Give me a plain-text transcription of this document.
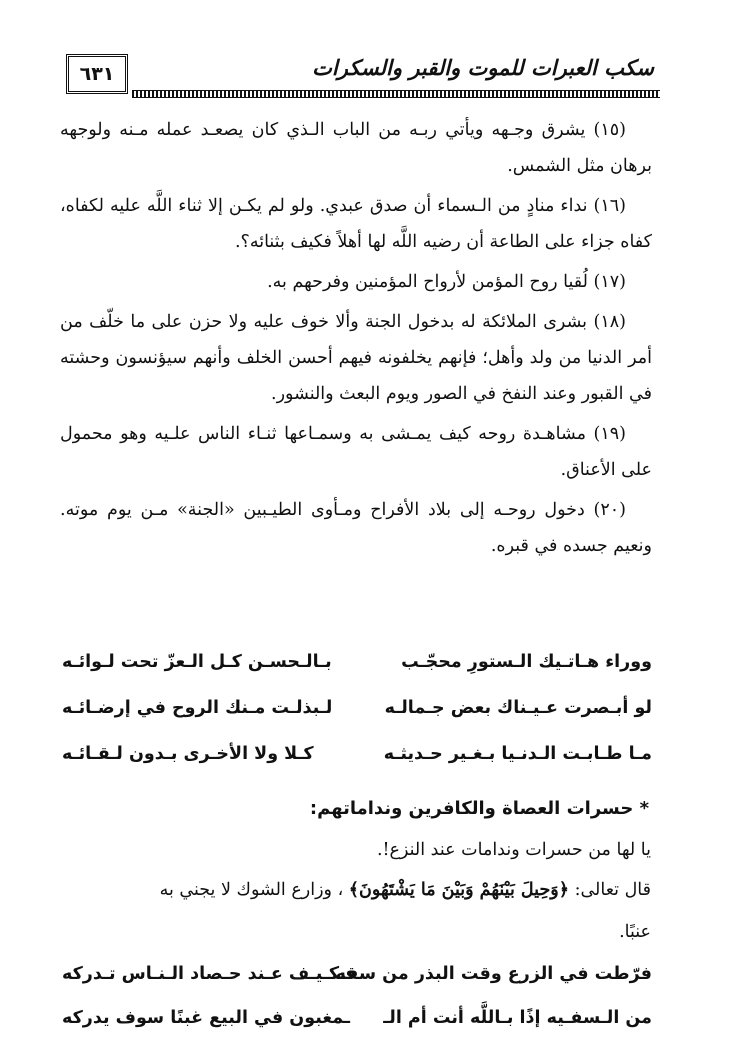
٦٣١	سكب العبرات للموت والقبر والسكرات

(١٥) يشرق وجـهه ويأتي ربـه من الباب الـذي كان يصعـد عمله مـنه ولوجهه برهان مثل الشمس.

(١٦) نداء منادٍ من الـسماء أن صدق عبدي. ولو لم يكـن إلا ثناء اللَّه عليه لكفاه، كفاه جزاء على الطاعة أن رضيه اللَّه لها أهلاً فكيف بثنائه؟.

(١٧) لُقيا روح المؤمن لأرواح المؤمنين وفرحهم به.

(١٨) بشرى الملائكة له بدخول الجنة وألا خوف عليه ولا حزن على ما خلّف من أمر الدنيا من ولد وأهل؛ فإنهم يخلفونه فيهم أحسن الخلف وأنهم سيؤنسون وحشته في القبور وعند النفخ في الصور ويوم البعث والنشور.

(١٩) مشاهـدة روحه كيف يمـشى به وسمـاعها ثنـاء الناس علـيه وهو محمول على الأعناق.

(٢٠) دخول روحـه إلى بلاد الأفراح ومـأوى الطيـبين «الجنة» مـن يوم موته. ونعيم جسده في قبره.

ووراء هـاتـيك الـستورِ محجّـب
بـالـحسـن كـل الـعزّ تحت لـوائـه
لو أبـصرت عـيـناك بعض جـمالـه
لـبذلـت مـنك الروح في إرضـائـه
مـا طـابـت الـدنـيا بـغـير حـديثـه
كـلا ولا الأخـرى بـدون لـقـائـه
* حسرات العصاة والكافرين ونداماتهم:
يا لها من حسرات وندامات عند النزع!.
قال تعالى: ﴿وَحِيلَ بَيْنَهُمْ وَبَيْنَ مَا يَشْتَهُونَ﴾ ، وزارع الشوك لا يجني به
عنبًا.
فرّطت في الزرع وقت البذر من سفه
فـكـيـف عـند حـصاد الـنـاس تـدركه
من الـسفـيه إذًا بـاللَّه أنت أم الـ
ـمغبون في البيع غبنًا سوف يدركه
